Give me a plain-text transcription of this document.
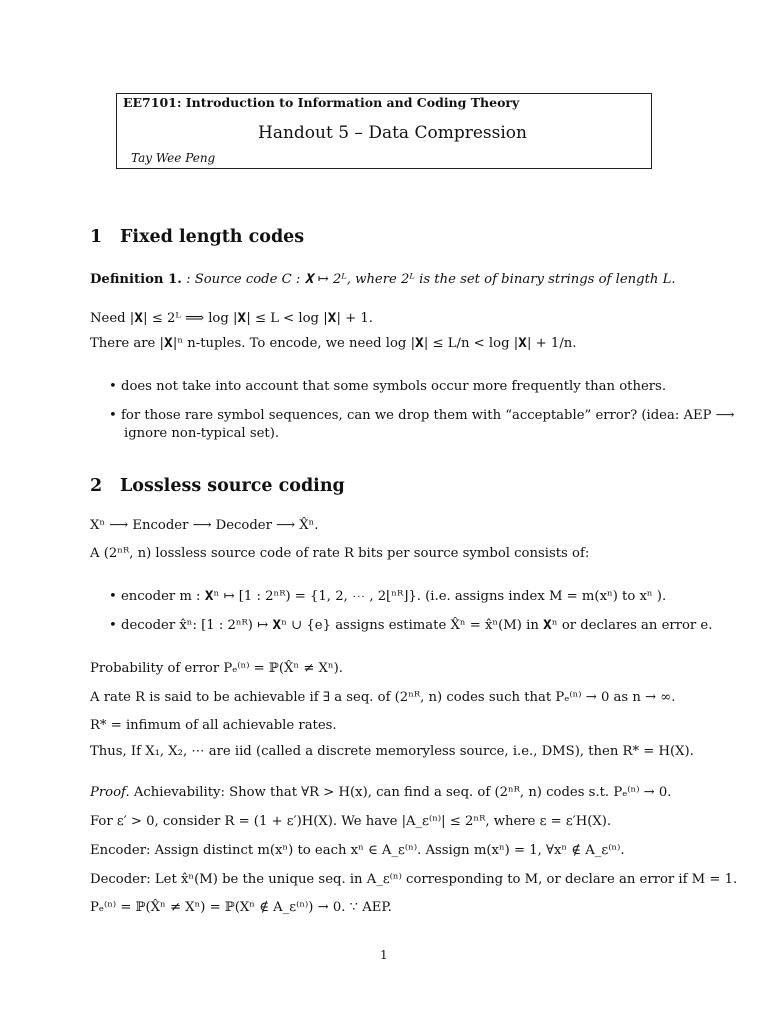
EE7101: Introduction to Information and Coding Theory
Handout 5 – Data Compression
Tay Wee Peng
1 Fixed length codes
Definition 1. : Source code C : 𝐗 ↦ 2ᴸ, where 2ᴸ is the set of binary strings of length L.
Need |𝐗| ≤ 2ᴸ ⟹ log |𝐗| ≤ L < log |𝐗| + 1.
There are |𝐗|ⁿ n-tuples. To encode, we need log |𝐗| ≤ L/n < log |𝐗| + 1/n.
• does not take into account that some symbols occur more frequently than others.
• for those rare symbol sequences, can we drop them with “acceptable” error? (idea: AEP ⟶
ignore non-typical set).
2 Lossless source coding
Xⁿ ⟶ Encoder ⟶ Decoder ⟶ X̂ⁿ.
A (2ⁿᴿ, n) lossless source code of rate R bits per source symbol consists of:
• encoder m : 𝐗ⁿ ↦ [1 : 2ⁿᴿ) = {1, 2, ⋯ , 2⌊ⁿᴿ⌋}. (i.e. assigns index M = m(xⁿ) to xⁿ ).
• decoder x̂ⁿ: [1 : 2ⁿᴿ) ↦ 𝐗ⁿ ∪ {e} assigns estimate X̂ⁿ = x̂ⁿ(M) in 𝐗ⁿ or declares an error e.
Probability of error Pₑ⁽ⁿ⁾ = ℙ(X̂ⁿ ≠ Xⁿ).
A rate R is said to be achievable if ∃ a seq. of (2ⁿᴿ, n) codes such that Pₑ⁽ⁿ⁾ → 0 as n → ∞.
R* = infimum of all achievable rates.
Thus, If X₁, X₂, ⋯ are iid (called a discrete memoryless source, i.e., DMS), then R* = H(X).
Proof. Achievability: Show that ∀R > H(x), can find a seq. of (2ⁿᴿ, n) codes s.t. Pₑ⁽ⁿ⁾ → 0.
For ε′ > 0, consider R = (1 + ε′)H(X). We have |A_ε⁽ⁿ⁾| ≤ 2ⁿᴿ, where ε = ε′H(X).
Encoder: Assign distinct m(xⁿ) to each xⁿ ∈ A_ε⁽ⁿ⁾. Assign m(xⁿ) = 1, ∀xⁿ ∉ A_ε⁽ⁿ⁾.
Decoder: Let x̂ⁿ(M) be the unique seq. in A_ε⁽ⁿ⁾ corresponding to M, or declare an error if M = 1.
Pₑ⁽ⁿ⁾ = ℙ(X̂ⁿ ≠ Xⁿ) = ℙ(Xⁿ ∉ A_ε⁽ⁿ⁾) → 0. ∵ AEP.
1
